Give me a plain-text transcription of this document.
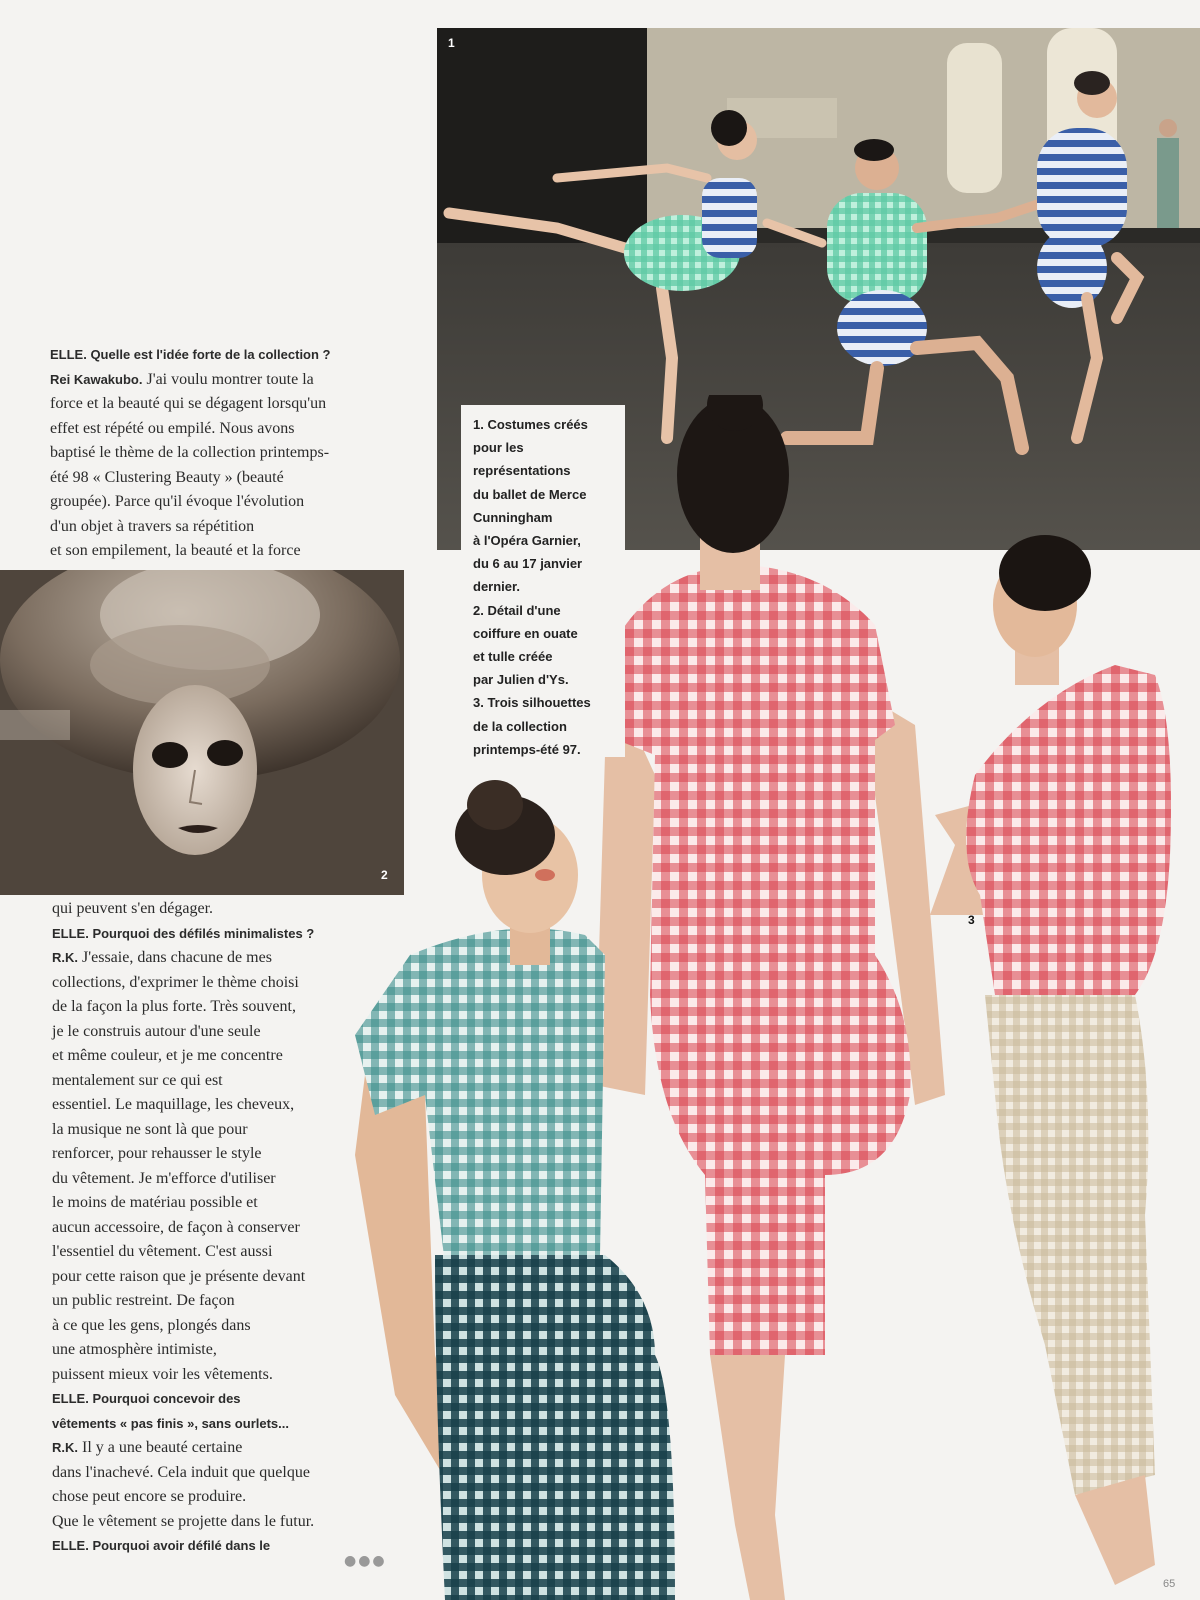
1
2
3
1. Costumes créés
pour les
représentations
du ballet de Merce
Cunningham
à l'Opéra Garnier,
du 6 au 17 janvier
dernier.
2. Détail d'une
coiffure en ouate
et tulle créée
par Julien d'Ys.
3. Trois silhouettes
de la collection
printemps-été 97.
ELLE. Quelle est l'idée forte de la collection ?
Rei Kawakubo. J'ai voulu montrer toute la
force et la beauté qui se dégagent lorsqu'un
effet est répété ou empilé. Nous avons
baptisé le thème de la collection printemps-
été 98 « Clustering Beauty » (beauté
groupée). Parce qu'il évoque l'évolution
d'un objet à travers sa répétition
et son empilement, la beauté et la force
qui peuvent s'en dégager.
ELLE. Pourquoi des défilés minimalistes ?
R.K. J'essaie, dans chacune de mes
collections, d'exprimer le thème choisi
de la façon la plus forte. Très souvent,
je le construis autour d'une seule
et même couleur, et je me concentre
mentalement sur ce qui est
essentiel. Le maquillage, les cheveux,
la musique ne sont là que pour
renforcer, pour rehausser le style
du vêtement. Je m'efforce d'utiliser
le moins de matériau possible et
aucun accessoire, de façon à conserver
l'essentiel du vêtement. C'est aussi
pour cette raison que je présente devant
un public restreint. De façon
à ce que les gens, plongés dans
une atmosphère intimiste,
puissent mieux voir les vêtements.
ELLE. Pourquoi concevoir des
vêtements « pas finis », sans ourlets...
R.K. Il y a une beauté certaine
dans l'inachevé. Cela induit que quelque
chose peut encore se produire.
Que le vêtement se projette dans le futur.
ELLE. Pourquoi avoir défilé dans le
●●●
65
